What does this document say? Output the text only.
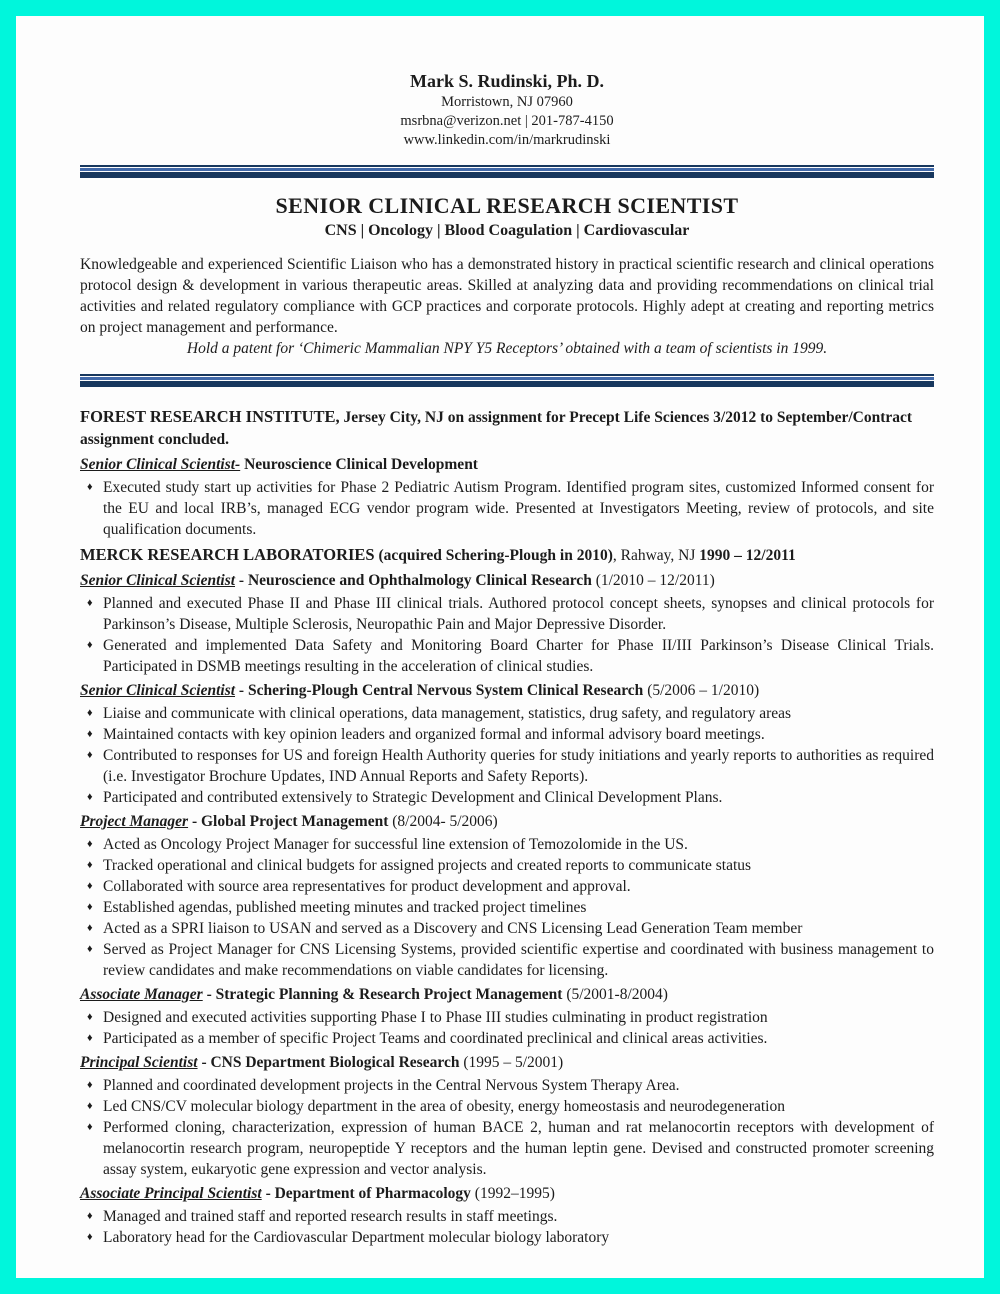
Mark S. Rudinski, Ph. D.
Morristown, NJ 07960
msrbna@verizon.net | 201-787-4150
www.linkedin.com/in/markrudinski
SENIOR CLINICAL RESEARCH SCIENTIST
CNS | Oncology | Blood Coagulation | Cardiovascular

Knowledgeable and experienced Scientific Liaison who has a demonstrated history in practical scientific research and clinical operations protocol design & development in various therapeutic areas. Skilled at analyzing data and providing recommendations on clinical trial activities and related regulatory compliance with GCP practices and corporate protocols. Highly adept at creating and reporting metrics on project management and performance.

Hold a patent for ‘Chimeric Mammalian NPY Y5 Receptors’ obtained with a team of scientists in 1999.

FOREST RESEARCH INSTITUTE, Jersey City, NJ on assignment for Precept Life Sciences 3/2012 to September/Contract assignment concluded.

Senior Clinical Scientist- Neuroscience Clinical Development

♦ Executed study start up activities for Phase 2 Pediatric Autism Program. Identified program sites, customized Informed consent for the EU and local IRB’s, managed ECG vendor program wide. Presented at Investigators Meeting, review of protocols, and site qualification documents.

MERCK RESEARCH LABORATORIES (acquired Schering-Plough in 2010), Rahway, NJ 1990 – 12/2011

Senior Clinical Scientist - Neuroscience and Ophthalmology Clinical Research (1/2010 – 12/2011)

♦ Planned and executed Phase II and Phase III clinical trials. Authored protocol concept sheets, synopses and clinical protocols for Parkinson’s Disease, Multiple Sclerosis, Neuropathic Pain and Major Depressive Disorder.
♦ Generated and implemented Data Safety and Monitoring Board Charter for Phase II/III Parkinson’s Disease Clinical Trials. Participated in DSMB meetings resulting in the acceleration of clinical studies.

Senior Clinical Scientist - Schering-Plough Central Nervous System Clinical Research (5/2006 – 1/2010)

♦ Liaise and communicate with clinical operations, data management, statistics, drug safety, and regulatory areas
♦ Maintained contacts with key opinion leaders and organized formal and informal advisory board meetings.
♦ Contributed to responses for US and foreign Health Authority queries for study initiations and yearly reports to authorities as required (i.e. Investigator Brochure Updates, IND Annual Reports and Safety Reports).
♦ Participated and contributed extensively to Strategic Development and Clinical Development Plans.

Project Manager - Global Project Management (8/2004- 5/2006)

♦ Acted as Oncology Project Manager for successful line extension of Temozolomide in the US.
♦ Tracked operational and clinical budgets for assigned projects and created reports to communicate status
♦ Collaborated with source area representatives for product development and approval.
♦ Established agendas, published meeting minutes and tracked project timelines
♦ Acted as a SPRI liaison to USAN and served as a Discovery and CNS Licensing Lead Generation Team member
♦ Served as Project Manager for CNS Licensing Systems, provided scientific expertise and coordinated with business management to review candidates and make recommendations on viable candidates for licensing.

Associate Manager - Strategic Planning & Research Project Management (5/2001-8/2004)

♦ Designed and executed activities supporting Phase I to Phase III studies culminating in product registration
♦ Participated as a member of specific Project Teams and coordinated preclinical and clinical areas activities.

Principal Scientist - CNS Department Biological Research (1995 – 5/2001)

♦ Planned and coordinated development projects in the Central Nervous System Therapy Area.
♦ Led CNS/CV molecular biology department in the area of obesity, energy homeostasis and neurodegeneration
♦ Performed cloning, characterization, expression of human BACE 2, human and rat melanocortin receptors with development of melanocortin research program, neuropeptide Y receptors and the human leptin gene. Devised and constructed promoter screening assay system, eukaryotic gene expression and vector analysis.

Associate Principal Scientist - Department of Pharmacology (1992–1995)

♦ Managed and trained staff and reported research results in staff meetings.
♦ Laboratory head for the Cardiovascular Department molecular biology laboratory
